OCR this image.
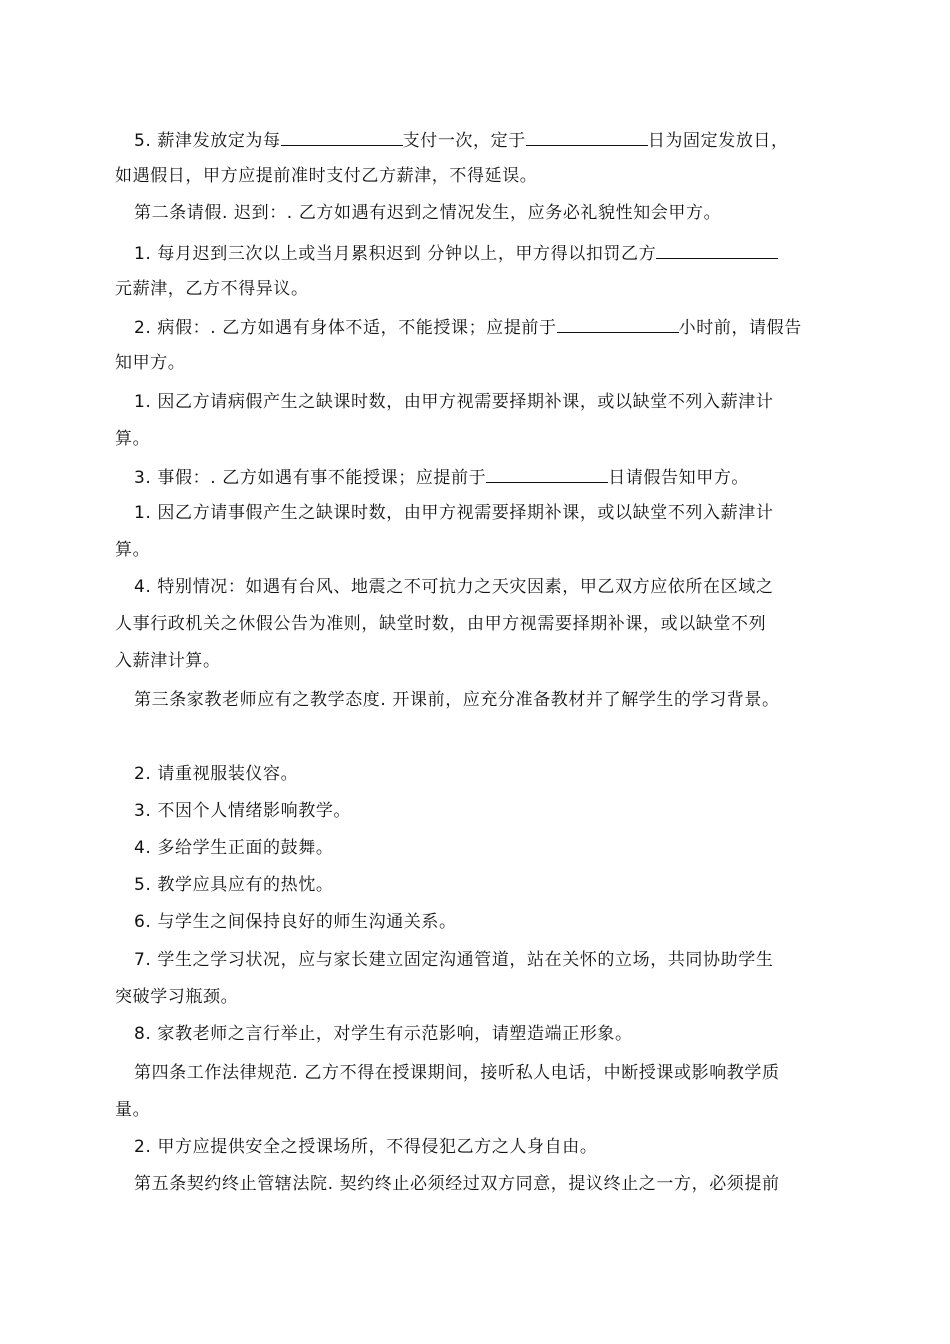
5. 薪津发放定为每	支付一次，定于	日为固定发放日，
如遇假日，甲方应提前准时支付乙方薪津，不得延误。
第二条请假. 迟到：. 乙方如遇有迟到之情况发生，应务必礼貌性知会甲方。
1. 每月迟到三次以上或当月累积迟到 分钟以上，甲方得以扣罚乙方
元薪津，乙方不得异议。
2. 病假：. 乙方如遇有身体不适，不能授课；应提前于	小时前，请假告
知甲方。
1. 因乙方请病假产生之缺课时数，由甲方视需要择期补课，或以缺堂不列入薪津计
算。
3. 事假：. 乙方如遇有事不能授课；应提前于	日请假告知甲方。
1. 因乙方请事假产生之缺课时数，由甲方视需要择期补课，或以缺堂不列入薪津计
算。
4. 特别情况：如遇有台风、地震之不可抗力之天灾因素，甲乙双方应依所在区域之
人事行政机关之休假公告为准则，缺堂时数，由甲方视需要择期补课，或以缺堂不列
入薪津计算。
第三条家教老师应有之教学态度. 开课前，应充分准备教材并了解学生的学习背景。
2. 请重视服装仪容。
3. 不因个人情绪影响教学。
4. 多给学生正面的鼓舞。
5. 教学应具应有的热忱。
6. 与学生之间保持良好的师生沟通关系。
7. 学生之学习状况，应与家长建立固定沟通管道，站在关怀的立场，共同协助学生
突破学习瓶颈。
8. 家教老师之言行举止，对学生有示范影响，请塑造端正形象。
第四条工作法律规范. 乙方不得在授课期间，接听私人电话，中断授课或影响教学质
量。
2. 甲方应提供安全之授课场所，不得侵犯乙方之人身自由。
第五条契约终止管辖法院. 契约终止必须经过双方同意，提议终止之一方，必须提前
